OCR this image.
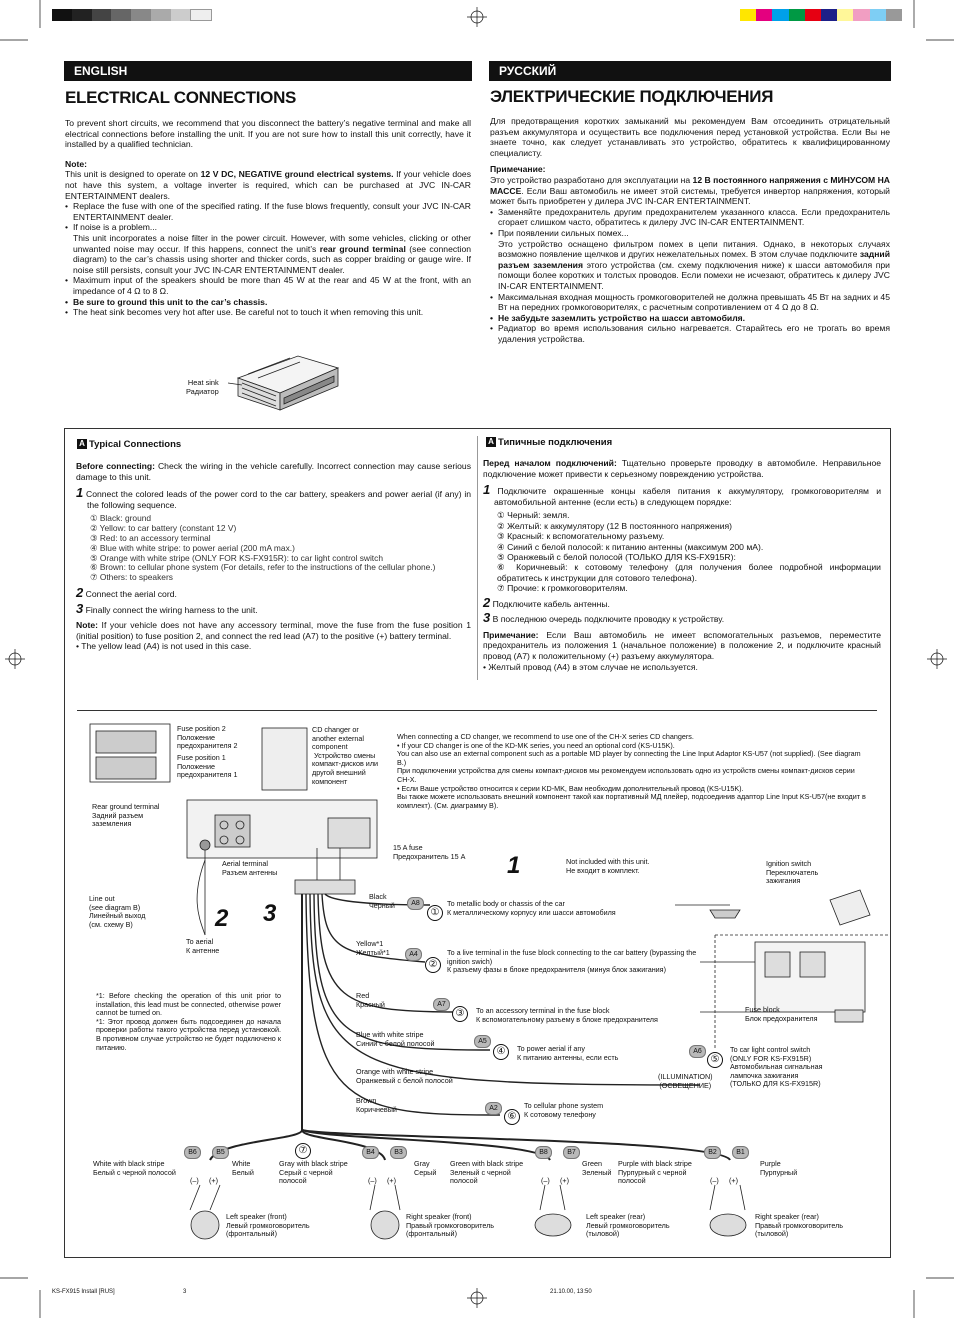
ENGLISH	РУССКИЙ
ELECTRICAL CONNECTIONS	ЭЛЕКТРИЧЕСКИЕ ПОДКЛЮЧЕНИЯ

To prevent short circuits, we recommend that you disconnect the battery’s negative terminal and make all electrical connections before installing the unit. If you are not sure how to install this unit correctly, have it installed by a qualified technician.

Note:
This unit is designed to operate on 12 V DC, NEGATIVE ground electrical systems. If your vehicle does not have this system, a voltage inverter is required, which can be purchased at JVC IN-CAR ENTERTAINMENT dealers.
• Replace the fuse with one of the specified rating. If the fuse blows frequently, consult your JVC IN-CAR ENTERTAINMENT dealer.
• If noise is a problem...
This unit incorporates a noise filter in the power circuit. However, with some vehicles, clicking or other unwanted noise may occur. If this happens, connect the unit’s rear ground terminal (see connection diagram) to the car’s chassis using shorter and thicker cords, such as copper braiding or gauge wire. If noise still persists, consult your JVC IN-CAR ENTERTAINMENT dealer.
• Maximum input of the speakers should be more than 45 W at the rear and 45 W at the front, with an impedance of 4 Ω to 8 Ω.
• Be sure to ground this unit to the car’s chassis.
• The heat sink becomes very hot after use. Be careful not to touch it when removing this unit.

Для предотвращения коротких замыканий мы рекомендуем Вам отсоединить отрицательный разъем аккумулятора и осуществить все подключения перед установкой устройства. Если Вы не знаете точно, как следует устанавливать это устройство, обратитесь к квалифицированному специалисту.

Примечание:
Это устройство разработано для эксплуатации на 12 В постоянного напряжения с МИНУСОМ НА МАССЕ. Если Ваш автомобиль не имеет этой системы, требуется инвертор напряжения, который может быть приобретен у дилера JVC IN-CAR ENTERTAINMENT.
• Заменяйте предохранитель другим предохранителем указанного класса. Если предохранитель сгорает слишком часто, обратитесь к дилеру JVC IN-CAR ENTERTAINMENT.
• При появлении сильных помех...
Это устройство оснащено фильтром помех в цепи питания. Однако, в некоторых случаях возможно появление щелчков и других нежелательных помех. В этом случае подключите задний разъем заземления этого устройства (см. схему подключения ниже) к шасси автомобиля при помощи более коротких и толстых проводов. Если помехи не исчезают, обратитесь к дилеру JVC IN-CAR ENTERTAINMENT.
• Максимальная входная мощность громкоговорителей не должна превышать 45 Вт на задних и 45 Вт на передних громкоговорителях, с расчетным сопротивлением от 4 Ω до 8 Ω.
• Не забудьте заземлить устройство на шасси автомобиля.
• Радиатор во время использования сильно нагревается. Старайтесь его не трогать во время удаления устройства.
Heat sink
Радиатор
A Typical Connections

Before connecting: Check the wiring in the vehicle carefully. Incorrect connection may cause serious damage to this unit.

1 Connect the colored leads of the power cord to the car battery, speakers and power aerial (if any) in the following sequence.
① Black: ground
② Yellow: to car battery (constant 12 V)
③ Red: to an accessory terminal
④ Blue with white stripe: to power aerial (200 mA max.)
⑤ Orange with white stripe (ONLY FOR KS-FX915R): to car light control switch
⑥ Brown: to cellular phone system (For details, refer to the instructions of the cellular phone.)
⑦ Others: to speakers
2 Connect the aerial cord.
3 Finally connect the wiring harness to the unit.
Note: If your vehicle does not have any accessory terminal, move the fuse from the fuse position 1 (initial position) to fuse position 2, and connect the red lead (A7) to the positive (+) battery terminal.
• The yellow lead (A4) is not used in this case.
A Типичные подключения

Перед началом подключений: Тщательно проверьте проводку в автомобиле. Неправильное подключение может привести к серьезному повреждению устройства.

1 Подключите окрашенные концы кабеля питания к аккумулятору, громкоговорителям и автомобильной антенне (если есть) в следующем порядке:
① Черный: земля.
② Желтый: к аккумулятору (12 В постоянного напряжения)
③ Красный: к вспомогательному разъему.
④ Синий с белой полосой: к питанию антенны (максимум 200 мА).
⑤ Оранжевый с белой полосой (ТОЛЬКО ДЛЯ KS-FX915R):
⑥ Коричневый: к сотовому телефону (для получения более подробной информации обратитесь к инструкции для сотового телефона).
⑦ Прочие: к громкоговорителям.
2 Подключите кабель антенны.
3 В последнюю очередь подключите проводку к устройству.
Примечание: Если Ваш автомобиль не имеет вспомогательных разъемов, переместите предохранитель из положения 1 (начальное положение) в положение 2, и подключите красный провод (A7) к положительному (+) разъему аккумулятора.
• Желтый провод (A4) в этом случае не используется.
Fuse position 2
Положение
предохранителя 2
Fuse position 1
Положение
предохранителя 1
CD changer or
another external
component
Устройство смены
компакт-дисков или
другой внешний
компонент
When connecting a CD changer, we recommend to use one of the CH-X series CD changers.
• If your CD changer is one of the KD-MK series, you need an optional cord (KS-U15K).
You can also use an external component such as a portable MD player by connecting the Line Input Adaptor KS-U57 (not supplied). (See diagram B.)
При подключении устройства для смены компакт-дисков мы рекомендуем использовать одно из устройств смены компакт-дисков серии CH-X.
• Если Ваше устройство относится к серии KD-MK, Вам необходим дополнительный провод (KS-U15K).
Вы также можете использовать внешний компонент такой как портативный МД плейер, подсоединив адаптор Line Input KS-U57(не входит в комплект). (См. диаграмму B).
Rear ground terminal
Задний разъем
заземления
Aerial terminal
Разъем антенны
15 A fuse
Предохранитель 15 A
Not included with this unit.
Не входит в комплект.
Ignition switch
Переключатель
зажигания
Line out
(see diagram B)
Линейный выход
(см. схему B)
To aerial
К антенне
*1: Before checking the operation of this unit prior to installation, this lead must be connected, otherwise power cannot be turned on.
*1: Этот провод должен быть подсоединен до начала проверки работы такого устройства перед установкой. В противном случае устройство не будет подключено к питанию.
Fuse block
Блок предохранителя
(ILLUMINATION)
(ОСВЕЩЕНИЕ)
1
2 3
Black
Черный	A8
①
To metallic body or chassis of the car
К металлическому корпусу или шасси автомобиля
Yellow*1
Желтый*1	A4
②
To a live terminal in the fuse block connecting to the car battery (bypassing the ignition swich)
К разъему фазы в блоке предохранителя (минуя блок зажигания)
Red
Красный	A7
③	To an accessory terminal in the fuse block
К вспомогательному разъему в блоке предохранителя
Blue with white stripe
Синий с белой полосой	A5
④	To power aerial if any
К питанию антенны, если есть
Orange with white stripe
Оранжевый с белой полосой
A6
⑤
To car light control switch
(ONLY FOR KS-FX915R)
Автомобильная сигнальная
лампочка зажигания
(ТОЛЬКО ДЛЯ KS-FX915R)
Brown
Коричневый	A2
⑥
To cellular phone system
К сотовому телефону
B6	B5	B4	B3	B8	B7	B2	B1
⑦
White with black stripe
Белый с черной полосой
White
Белый
(–) (+)
Left speaker (front)
Левый громкоговоритель
(фронтальный)
Gray with black stripe
Серый с черной
полосой
Gray
Серый
(–) (+)
Right speaker (front)
Правый громкоговоритель
(фронтальный)
Green with black stripe
Зеленый с черной
полосой
Green
Зеленый
(–) (+)
Left speaker (rear)
Левый громкоговоритель
(тыловой)
Purple with black stripe
Пурпурный с черной
полосой
Purple
Пурпурный
(–) (+)
Right speaker (rear)
Правый громкоговоритель
(тыловой)
KS-FX915 Install [RUS]	3	21.10.00, 13:50
